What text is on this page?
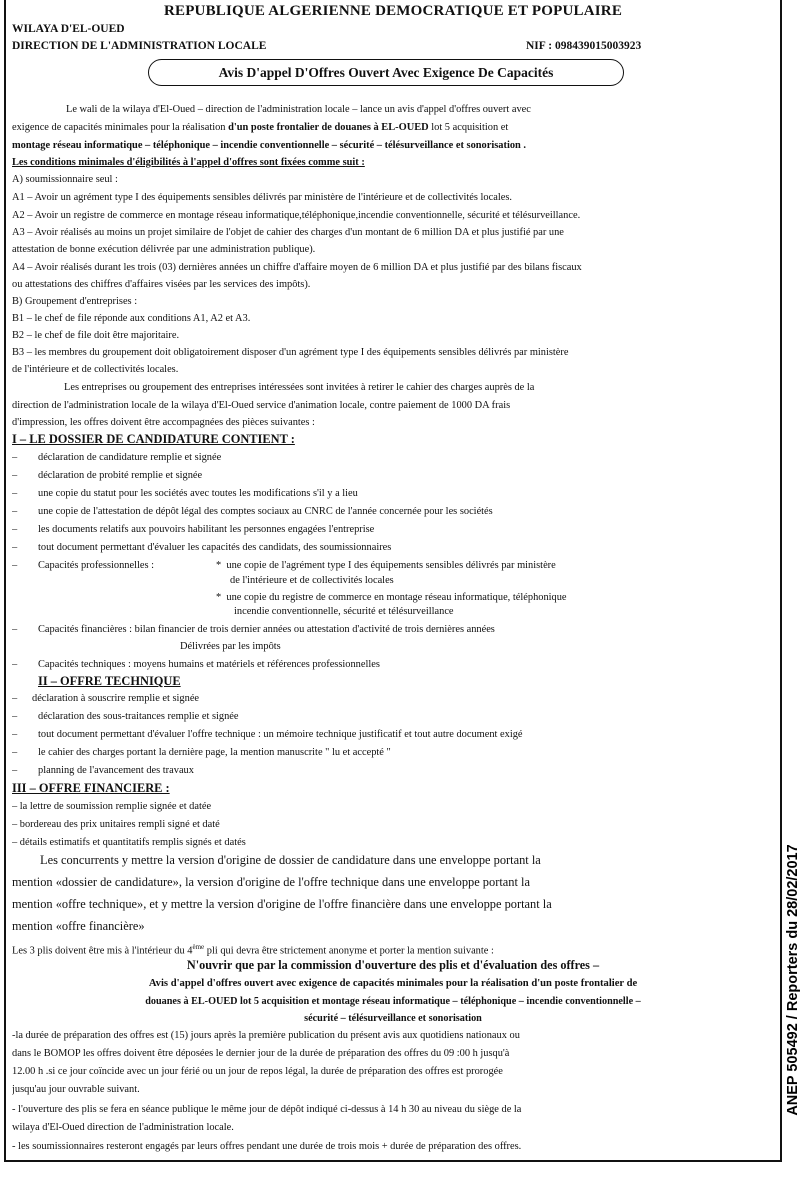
REPUBLIQUE ALGERIENNE DEMOCRATIQUE ET POPULAIRE
WILAYA D'EL-OUED
DIRECTION DE L'ADMINISTRATION LOCALE	NIF : 098439015003923
Avis D'appel D'Offres Ouvert Avec Exigence De Capacités
Le wali de la wilaya d'El-Oued – direction de l'administration locale – lance un avis d'appel d'offres ouvert avec
exigence de capacités minimales pour la réalisation d'un poste frontalier de douanes à EL-OUED lot 5 acquisition et
montage réseau informatique – téléphonique – incendie conventionnelle – sécurité – télésurveillance et sonorisation .
Les conditions minimales d'éligibilités à l'appel d'offres sont fixées comme suit :
A) soumissionnaire seul :
A1 – Avoir un agrément type I des équipements sensibles délivrés par ministère de l'intérieure et de collectivités locales.
A2 – Avoir un registre de commerce en montage réseau informatique,téléphonique,incendie conventionnelle, sécurité et télésurveillance.
A3 – Avoir réalisés au moins un projet similaire de l'objet de cahier des charges d'un montant de 6 million DA et plus justifié par une
attestation de bonne exécution délivrée par une administration publique).
A4 – Avoir réalisés durant les trois (03) dernières années un chiffre d'affaire moyen de 6 million DA et plus justifié par des bilans fiscaux
ou attestations des chiffres d'affaires visées par les services des impôts).
B) Groupement d'entreprises :
B1 – le chef de file réponde aux conditions A1, A2 et A3.
B2 – le chef de file doit être majoritaire.
B3 – les membres du groupement doit obligatoirement disposer d'un agrément type I des équipements sensibles délivrés par ministère
de l'intérieure et de collectivités locales.
Les entreprises ou groupement des entreprises intéressées sont invitées à retirer le cahier des charges auprès de la
direction de l'administration locale de la wilaya d'El-Oued service d'animation locale, contre paiement de 1000 DA frais
d'impression, les offres doivent être accompagnées des pièces suivantes :
I – LE DOSSIER DE CANDIDATURE CONTIENT :
– déclaration de candidature remplie et signée
– déclaration de probité remplie et signée
– une copie du statut pour les sociétés avec toutes les modifications s'il y a lieu
– une copie de l'attestation de dépôt légal des comptes sociaux au CNRC de l'année concernée pour les sociétés
– les documents relatifs aux pouvoirs habilitant les personnes engagées l'entreprise
– tout document permettant d'évaluer les capacités des candidats, des soumissionnaires
– Capacités professionnelles :	*  une copie de l'agrément type I des équipements sensibles délivrés par ministère
de l'intérieure et de collectivités locales
*  une copie du registre de commerce en montage réseau informatique, téléphonique
incendie conventionnelle, sécurité et télésurveillance
– Capacités financières : bilan financier de trois dernier années ou attestation d'activité de trois dernières années
Délivrées par les impôts
– Capacités techniques : moyens humains et matériels et références professionnelles
II – OFFRE TECHNIQUE
– déclaration à souscrire remplie et signée
– déclaration des sous-traitances remplie et signée
– tout document permettant d'évaluer l'offre technique : un mémoire technique justificatif et tout autre document exigé
– le cahier des charges portant la dernière page, la mention manuscrite " lu et accepté "
– planning de l'avancement des travaux
III – OFFRE FINANCIERE :
– la lettre de soumission remplie signée et datée
– bordereau des prix unitaires rempli signé et daté
– détails estimatifs et quantitatifs remplis signés et datés
Les concurrents y mettre la version d'origine de dossier de candidature dans une enveloppe portant la
mention «dossier de candidature», la version d'origine de l'offre technique dans une enveloppe portant la
mention «offre technique», et y mettre la version d'origine de l'offre financière dans une enveloppe portant la
mention «offre financière»
Les 3 plis doivent être mis à l'intérieur du 4ème pli qui devra être strictement anonyme et porter la mention suivante :
N'ouvrir que par la commission d'ouverture des plis et d'évaluation des offres –
Avis d'appel d'offres ouvert avec exigence de capacités minimales pour la réalisation d'un poste frontalier de
douanes à EL-OUED lot 5 acquisition et montage réseau informatique – téléphonique – incendie conventionnelle –
sécurité – télésurveillance et sonorisation
-la durée de préparation des offres est (15) jours après la première publication du présent avis aux quotidiens nationaux ou
dans le BOMOP les offres doivent être déposées le dernier jour de la durée de préparation des offres du 09 :00 h jusqu'à
12.00 h .si ce jour coïncide avec un jour férié ou un jour de repos légal, la durée de préparation des offres est prorogée
jusqu'au jour ouvrable suivant.
- l'ouverture des plis se fera en séance publique le même jour de dépôt indiqué ci-dessus à 14 h 30 au niveau du siège de la
wilaya d'El-Oued direction de l'administration locale.
- les soumissionnaires resteront engagés par leurs offres pendant une durée de trois mois + durée de préparation des offres.
ANEP 505492 / Reporters du 28/02/2017
